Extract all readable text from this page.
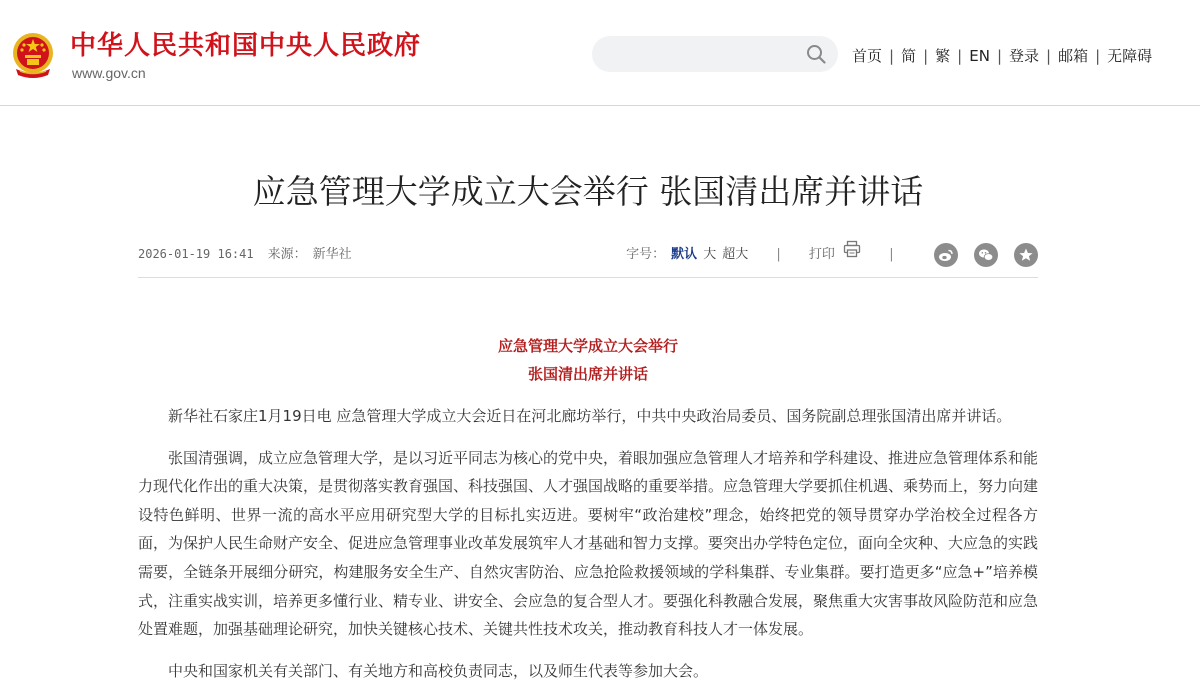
中华人民共和国中央人民政府
www.gov.cn
首页 | 简 | 繁 | EN | 登录 | 邮箱 | 无障碍
应急管理大学成立大会举行 张国清出席并讲话
2026-01-19 16:41 来源： 新华社	字号： 默认 大 超大 | 打印	|

应急管理大学成立大会举行

张国清出席并讲话

新华社石家庄1月19日电 应急管理大学成立大会近日在河北廊坊举行，中共中央政治局委员、国务院副总理张国清出席并讲话。

张国清强调，成立应急管理大学，是以习近平同志为核心的党中央，着眼加强应急管理人才培养和学科建设、推进应急管理体系和能力现代化作出的重大决策，是贯彻落实教育强国、科技强国、人才强国战略的重要举措。应急管理大学要抓住机遇、乘势而上，努力向建设特色鲜明、世界一流的高水平应用研究型大学的目标扎实迈进。要树牢“政治建校”理念，始终把党的领导贯穿办学治校全过程各方面，为保护人民生命财产安全、促进应急管理事业改革发展筑牢人才基础和智力支撑。要突出办学特色定位，面向全灾种、大应急的实践需要，全链条开展细分研究，构建服务安全生产、自然灾害防治、应急抢险救援领域的学科集群、专业集群。要打造更多“应急+”培养模式，注重实战实训，培养更多懂行业、精专业、讲安全、会应急的复合型人才。要强化科教融合发展，聚焦重大灾害事故风险防范和应急处置难题，加强基础理论研究，加快关键核心技术、关键共性技术攻关，推动教育科技人才一体发展。

中央和国家机关有关部门、有关地方和高校负责同志，以及师生代表等参加大会。
